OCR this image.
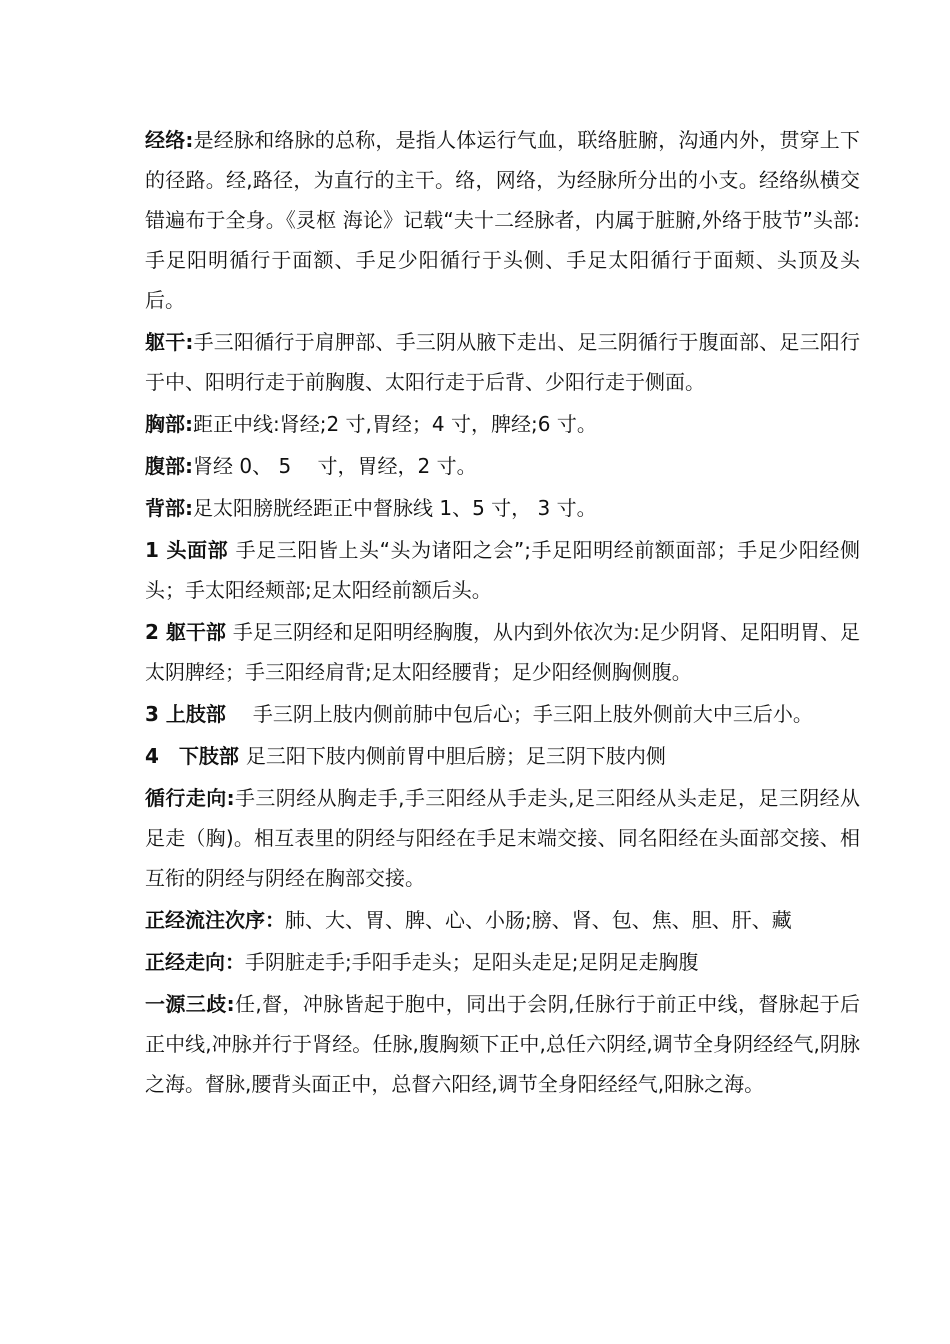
经络:是经脉和络脉的总称，是指人体运行气血，联络脏腑，沟通内外，贯穿上下的径路。经,路径，为直行的主干。络，网络，为经脉所分出的小支。经络纵横交错遍布于全身。《灵枢 海论》记载“夫十二经脉者，内属于脏腑,外络于肢节”头部:手足阳明循行于面额、手足少阳循行于头侧、手足太阳循行于面颊、头顶及头后。

躯干:手三阳循行于肩胛部、手三阴从腋下走出、足三阴循行于腹面部、足三阳行于中、阳明行走于前胸腹、太阳行走于后背、少阳行走于侧面。

胸部:距正中线:肾经;2 寸,胃经；4 寸，脾经;6 寸。

腹部:肾经 0、 5　 寸，胃经，2 寸。

背部:足太阳膀胱经距正中督脉线 1、5 寸， 3 寸。

1 头面部 手足三阳皆上头“头为诸阳之会”;手足阳明经前额面部；手足少阳经侧头；手太阳经颊部;足太阳经前额后头。

2 躯干部 手足三阴经和足阳明经胸腹，从内到外依次为:足少阴肾、足阳明胃、足太阴脾经；手三阳经肩背;足太阳经腰背；足少阳经侧胸侧腹。

3 上肢部 　手三阴上肢内侧前肺中包后心；手三阳上肢外侧前大中三后小。

4　下肢部 足三阳下肢内侧前胃中胆后膀；足三阴下肢内侧

循行走向:手三阴经从胸走手,手三阳经从手走头,足三阳经从头走足，足三阴经从足走（胸)。相互表里的阴经与阳经在手足末端交接、同名阳经在头面部交接、相互衔的阴经与阴经在胸部交接。

正经流注次序：肺、大、胃、脾、心、小肠;膀、肾、包、焦、胆、肝、藏

正经走向：手阴脏走手;手阳手走头；足阳头走足;足阴足走胸腹

一源三歧:任,督，冲脉皆起于胞中，同出于会阴,任脉行于前正中线，督脉起于后正中线,冲脉并行于肾经。任脉,腹胸颏下正中,总任六阴经,调节全身阴经经气,阴脉之海。督脉,腰背头面正中，总督六阳经,调节全身阳经经气,阳脉之海。
